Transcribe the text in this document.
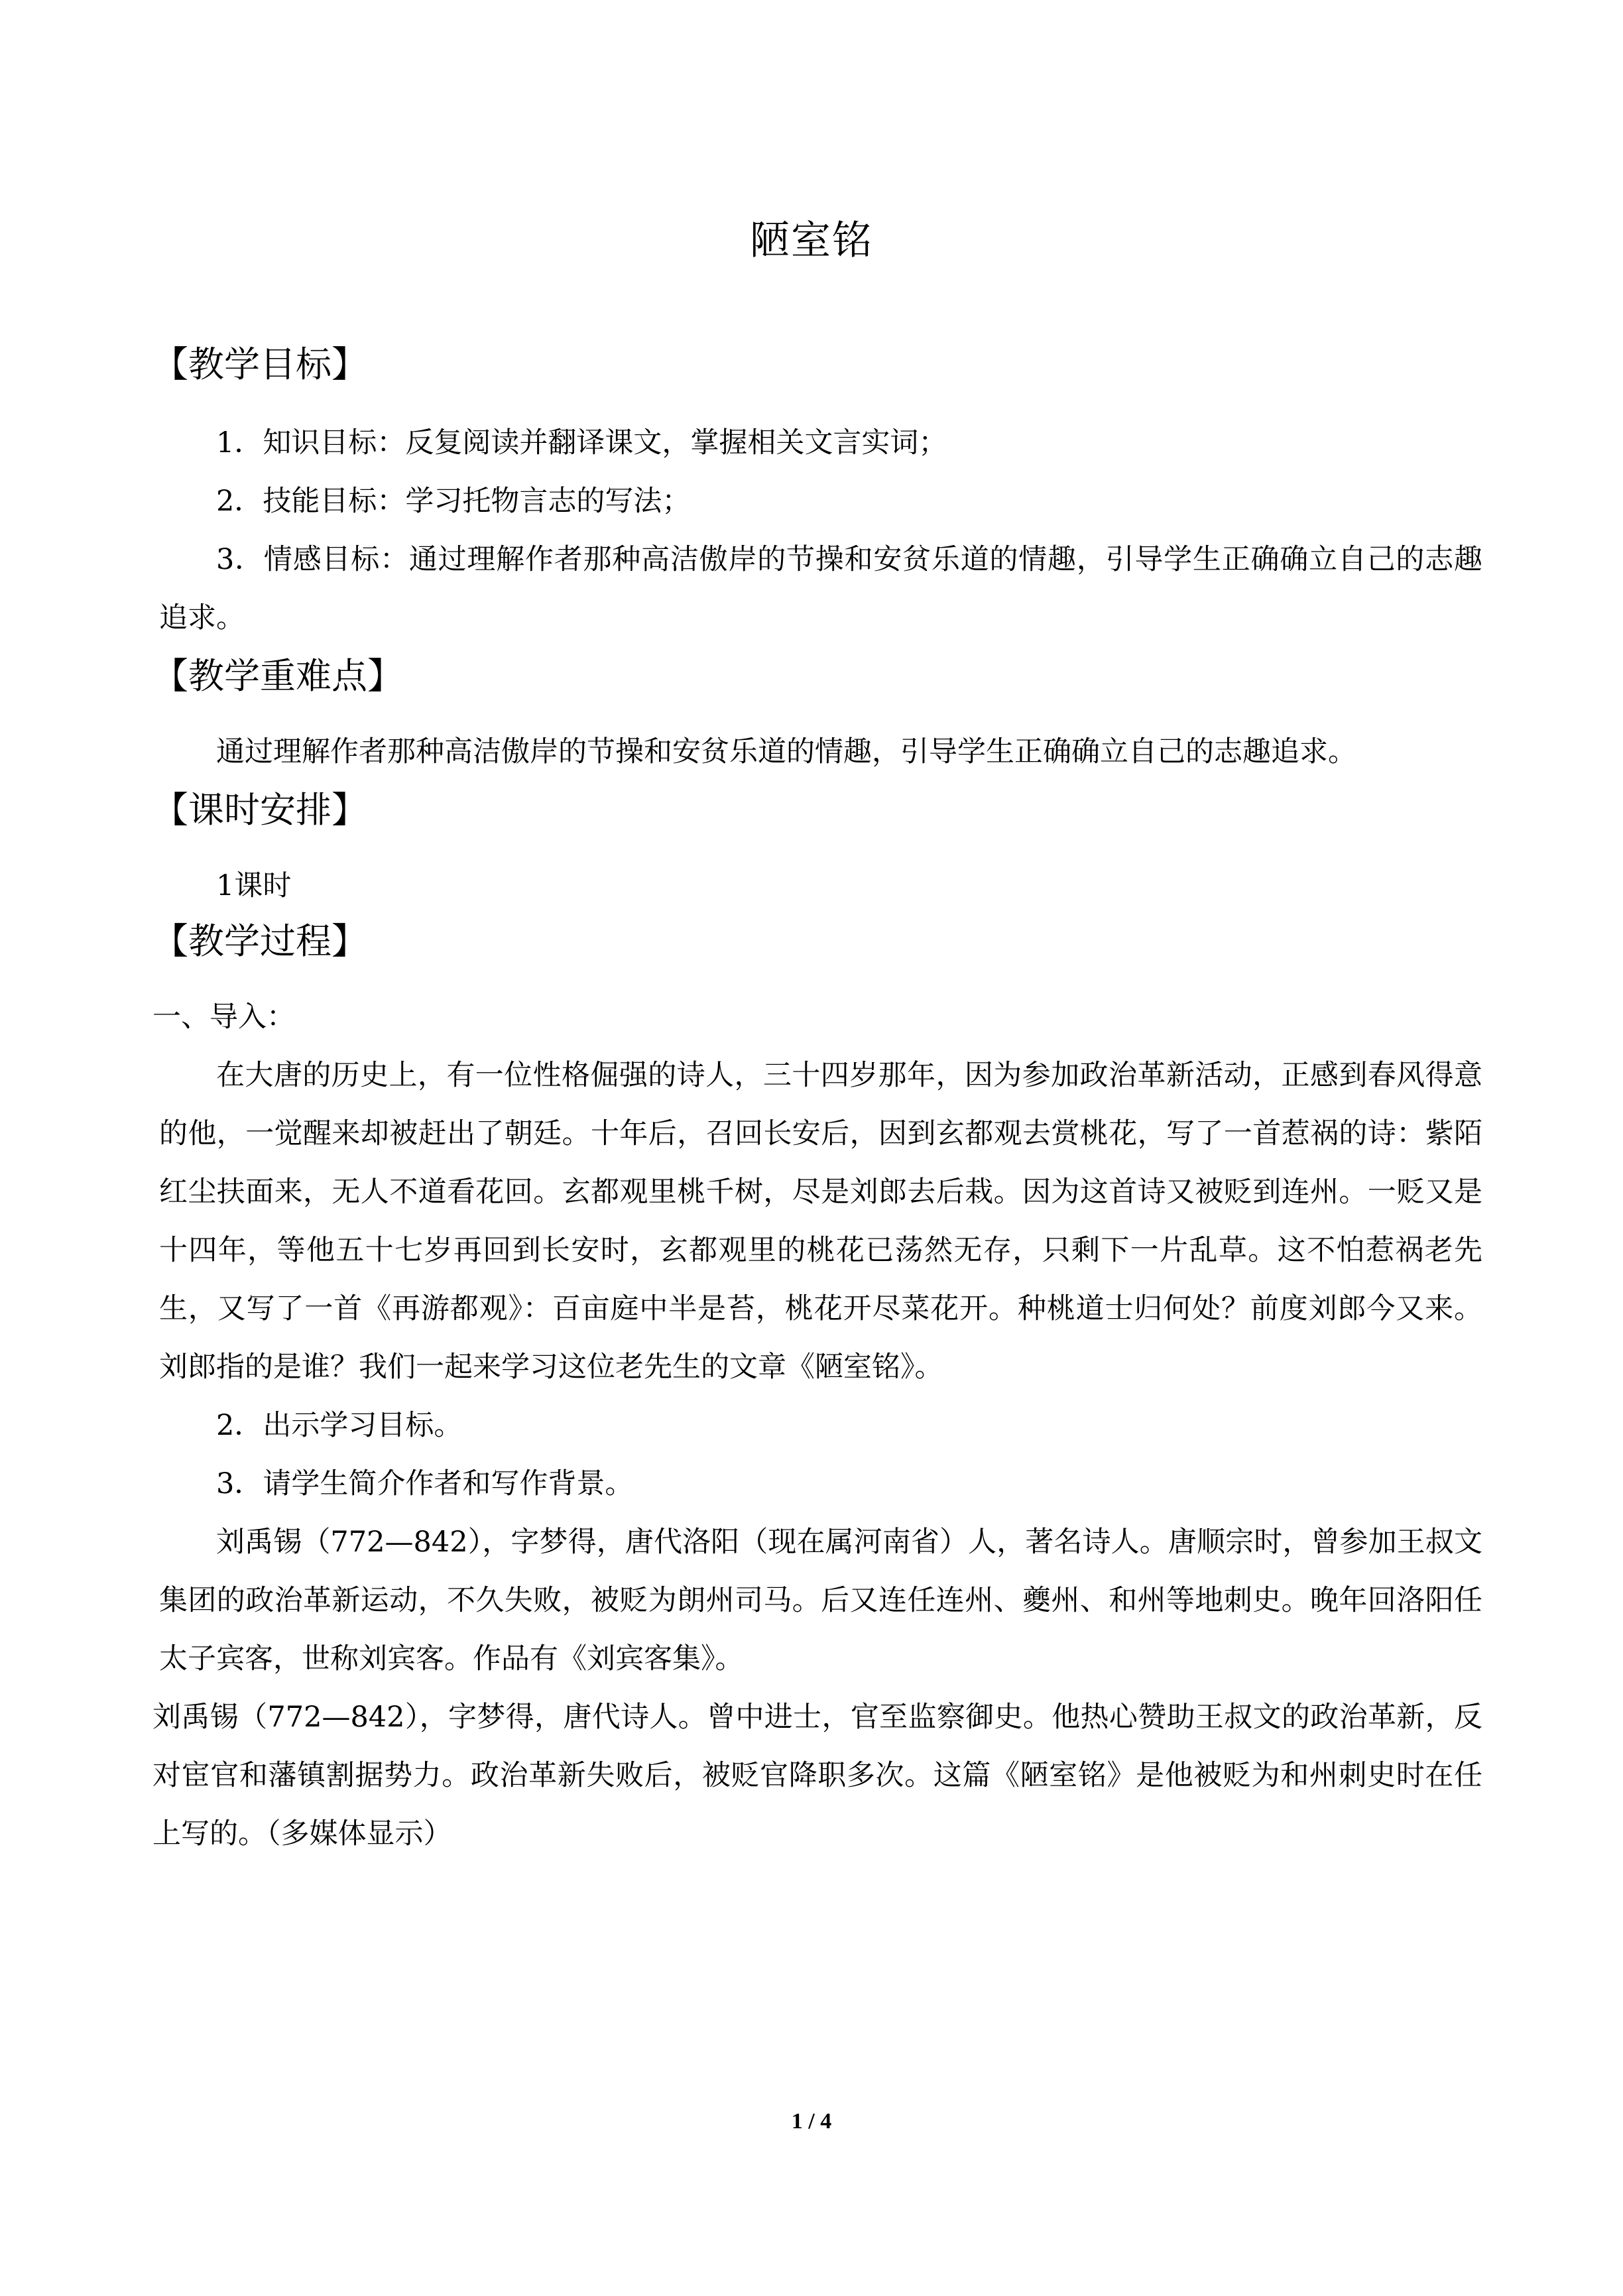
陋室铭
【教学目标】

1．知识目标：反复阅读并翻译课文，掌握相关文言实词；

2．技能目标：学习托物言志的写法；

3．情感目标：通过理解作者那种高洁傲岸的节操和安贫乐道的情趣，引导学生正确确立自己的志趣追求。

【教学重难点】

通过理解作者那种高洁傲岸的节操和安贫乐道的情趣，引导学生正确确立自己的志趣追求。

【课时安排】

1课时

【教学过程】

一、导入：

在大唐的历史上，有一位性格倔强的诗人，三十四岁那年，因为参加政治革新活动，正感到春风得意的他，一觉醒来却被赶出了朝廷。十年后，召回长安后，因到玄都观去赏桃花，写了一首惹祸的诗：紫陌红尘扶面来，无人不道看花回。玄都观里桃千树，尽是刘郎去后栽。因为这首诗又被贬到连州。一贬又是十四年，等他五十七岁再回到长安时，玄都观里的桃花已荡然无存，只剩下一片乱草。这不怕惹祸老先生，又写了一首《再游都观》：百亩庭中半是苔，桃花开尽菜花开。种桃道士归何处？前度刘郎今又来。刘郎指的是谁？我们一起来学习这位老先生的文章《陋室铭》。

2．出示学习目标。

3．请学生简介作者和写作背景。

刘禹锡（772—842），字梦得，唐代洛阳（现在属河南省）人，著名诗人。唐顺宗时，曾参加王叔文集团的政治革新运动，不久失败，被贬为朗州司马。后又连任连州、夔州、和州等地刺史。晚年回洛阳任太子宾客，世称刘宾客。作品有《刘宾客集》。

刘禹锡（772—842），字梦得，唐代诗人。曾中进士，官至监察御史。他热心赞助王叔文的政治革新，反对宦官和藩镇割据势力。政治革新失败后，被贬官降职多次。这篇《陋室铭》是他被贬为和州刺史时在任上写的。（多媒体显示）

1 / 4
